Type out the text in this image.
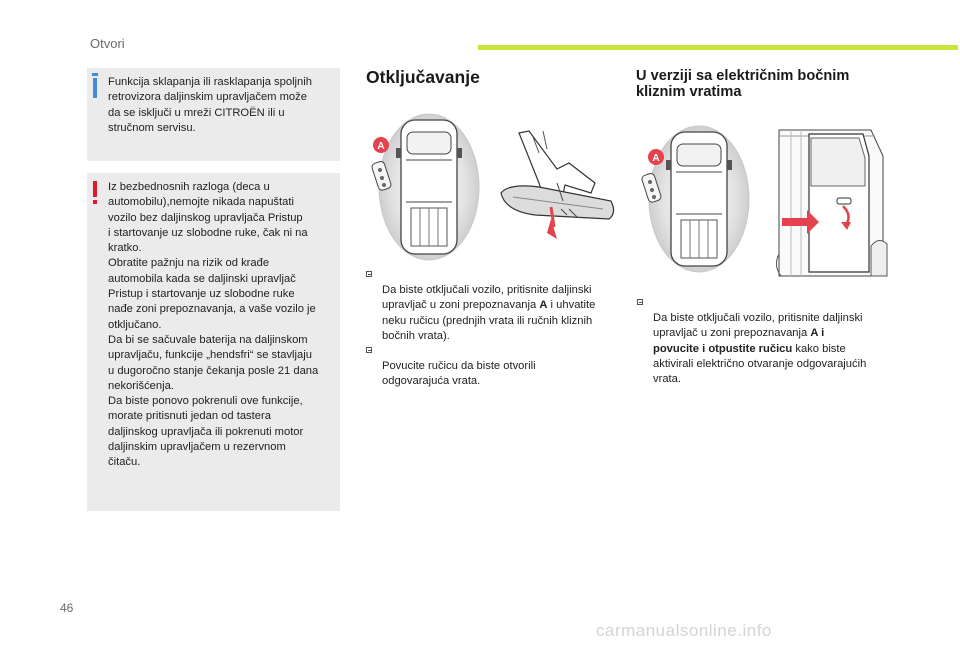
Otvori

Funkcija sklapanja ili rasklapanja spoljnih
retrovizora daljinskim upravljačem može
da se isključi u mreži CITROËN ili u
stručnom servisu.

Iz bezbednosnih razloga (deca u
automobilu),nemojte nikada napuštati
vozilo bez daljinskog upravljača Pristup
i startovanje uz slobodne ruke, čak ni na
kratko.
Obratite pažnju na rizik od krađe
automobila kada se daljinski upravljač
Pristup i startovanje uz slobodne ruke
nađe zoni prepoznavanja, a vaše vozilo je
otključano.
Da bi se sačuvale baterija na daljinskom
upravljaču, funkcije „hendsfri“ se stavljaju
u dugoročno stanje čekanja posle 21 dana
nekorišćenja.
Da biste ponovo pokrenuli ove funkcije,
morate pritisnuti jedan od tastera
daljinskog upravljača ili pokrenuti motor
daljinskim upravljačem u rezervnom
čitaču.

Otključavanje
A

Da biste otključali vozilo, pritisnite daljinski
upravljač u zoni prepoznavanja A i uhvatite
neku ručicu (prednjih vrata ili ručnih kliznih
bočnih vrata).

Povucite ručicu da biste otvorili
odgovarajuća vrata.

U verziji sa električnim bočnim
kliznim vratima
A

Da biste otključali vozilo, pritisnite daljinski
upravljač u zoni prepoznavanja A i
povucite i otpustite ručicu kako biste
aktivirali električno otvaranje odgovarajućih
vrata.

46
carmanualsonline.info
